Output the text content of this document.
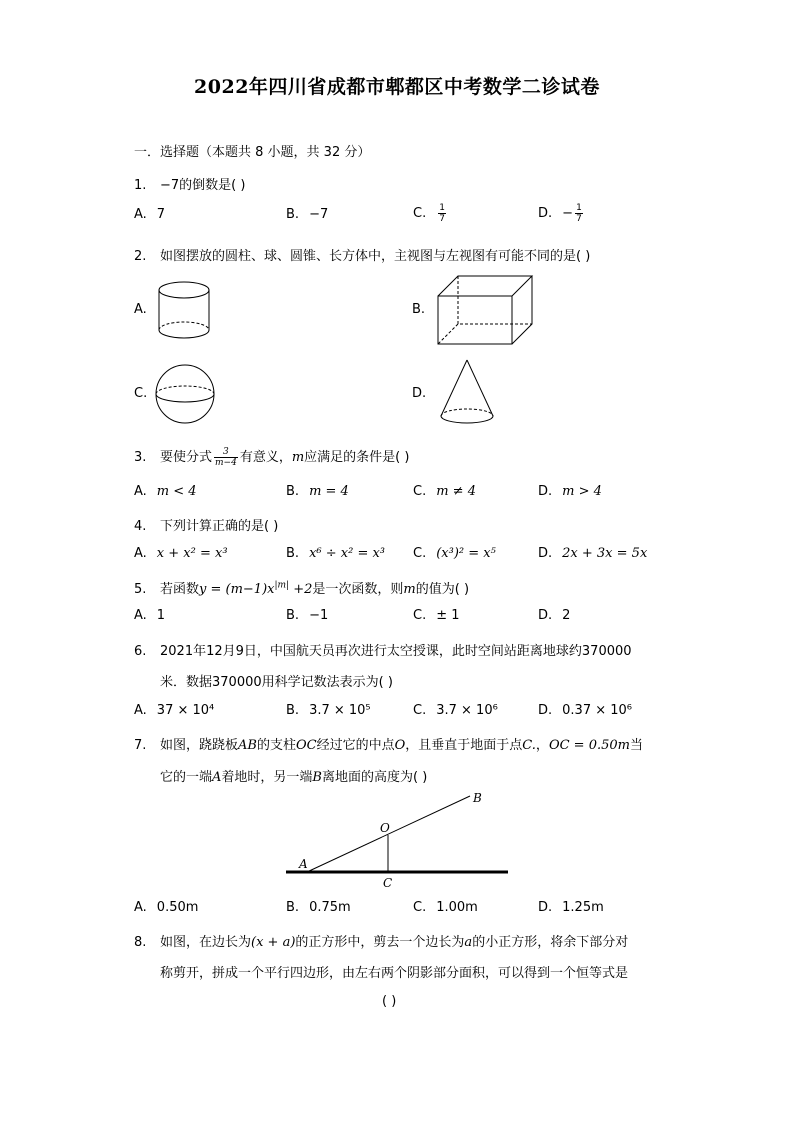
2022年四川省成都市郫都区中考数学二诊试卷
一．选择题（本题共 8 小题，共 32 分）
1. −7的倒数是( )
A. 7	B. −7	C. $\frac{1}{7}$	D. − $\frac{1}{7}$
2. 如图摆放的圆柱、球、圆锥、长方体中，主视图与左视图有可能不同的是( )
A.	B.
C.	D.
3. 要使分式 $\frac{3}{m-4}$ 有意义，m应满足的条件是( )
A. m < 4	B. m = 4	C. m ≠ 4	D. m > 4
4. 下列计算正确的是( )
A. x + x² = x³	B. x⁶ ÷ x² = x³ C. (x³)² = x⁵	D. 2x + 3x = 5x
5. 若函数$y = (m-1)x^{|m|} +2$是一次函数，则m的值为( )
A. 1	B. −1	C. ± 1	D. 2
6. 2021年12月9日，中国航天员再次进行太空授课，此时空间站距离地球约370000
米．数据370000用科学记数法表示为( )
A. 37 × 10⁴	B. 3.7 × 10⁵	C. 3.7 × 10⁶	D. 0.37 × 10⁶
7. 如图，跷跷板AB的支柱OC经过它的中点O，且垂直于地面于点C.，OC = 0.50m当
它的一端A着地时，另一端B离地面的高度为( )
A
B
O
C
A. 0.50m	B. 0.75m	C. 1.00m	D. 1.25m
8. 如图，在边长为(x + a)的正方形中，剪去一个边长为a的小正方形，将余下部分对
称剪开，拼成一个平行四边形，由左右两个阴影部分面积，可以得到一个恒等式是
( )
